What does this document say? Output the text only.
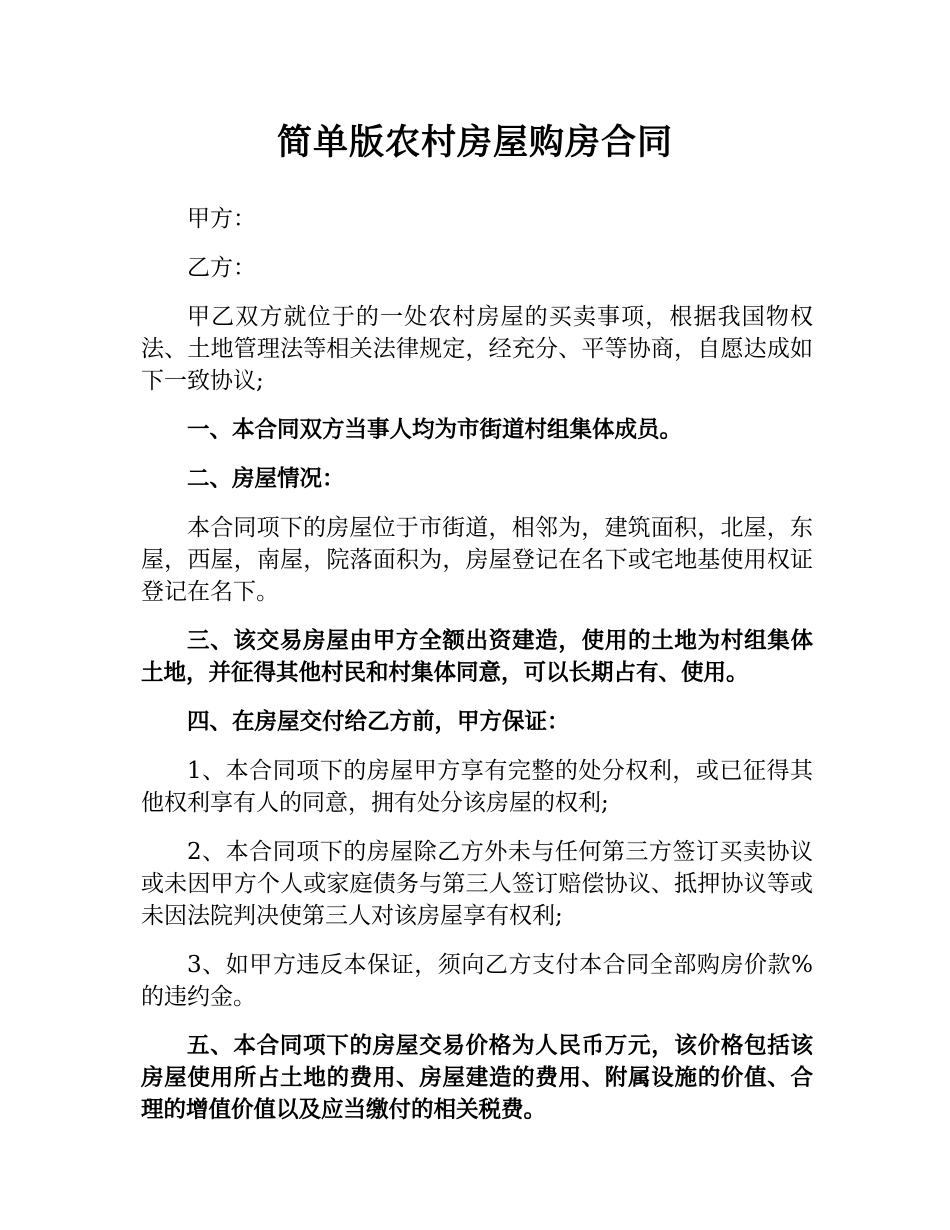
简单版农村房屋购房合同

甲方：

乙方：

甲乙双方就位于的一处农村房屋的买卖事项，根据我国物权法、土地管理法等相关法律规定，经充分、平等协商，自愿达成如下一致协议;

一、本合同双方当事人均为市街道村组集体成员。

二、房屋情况：

本合同项下的房屋位于市街道，相邻为，建筑面积，北屋，东屋，西屋，南屋，院落面积为，房屋登记在名下或宅地基使用权证登记在名下。

三、该交易房屋由甲方全额出资建造，使用的土地为村组集体土地，并征得其他村民和村集体同意，可以长期占有、使用。

四、在房屋交付给乙方前，甲方保证：

1、本合同项下的房屋甲方享有完整的处分权利，或已征得其他权利享有人的同意，拥有处分该房屋的权利;

2、本合同项下的房屋除乙方外未与任何第三方签订买卖协议或未因甲方个人或家庭债务与第三人签订赔偿协议、抵押协议等或未因法院判决使第三人对该房屋享有权利;

3、如甲方违反本保证，须向乙方支付本合同全部购房价款%的违约金。

五、本合同项下的房屋交易价格为人民币万元，该价格包括该房屋使用所占土地的费用、房屋建造的费用、附属设施的价值、合理的增值价值以及应当缴付的相关税费。
